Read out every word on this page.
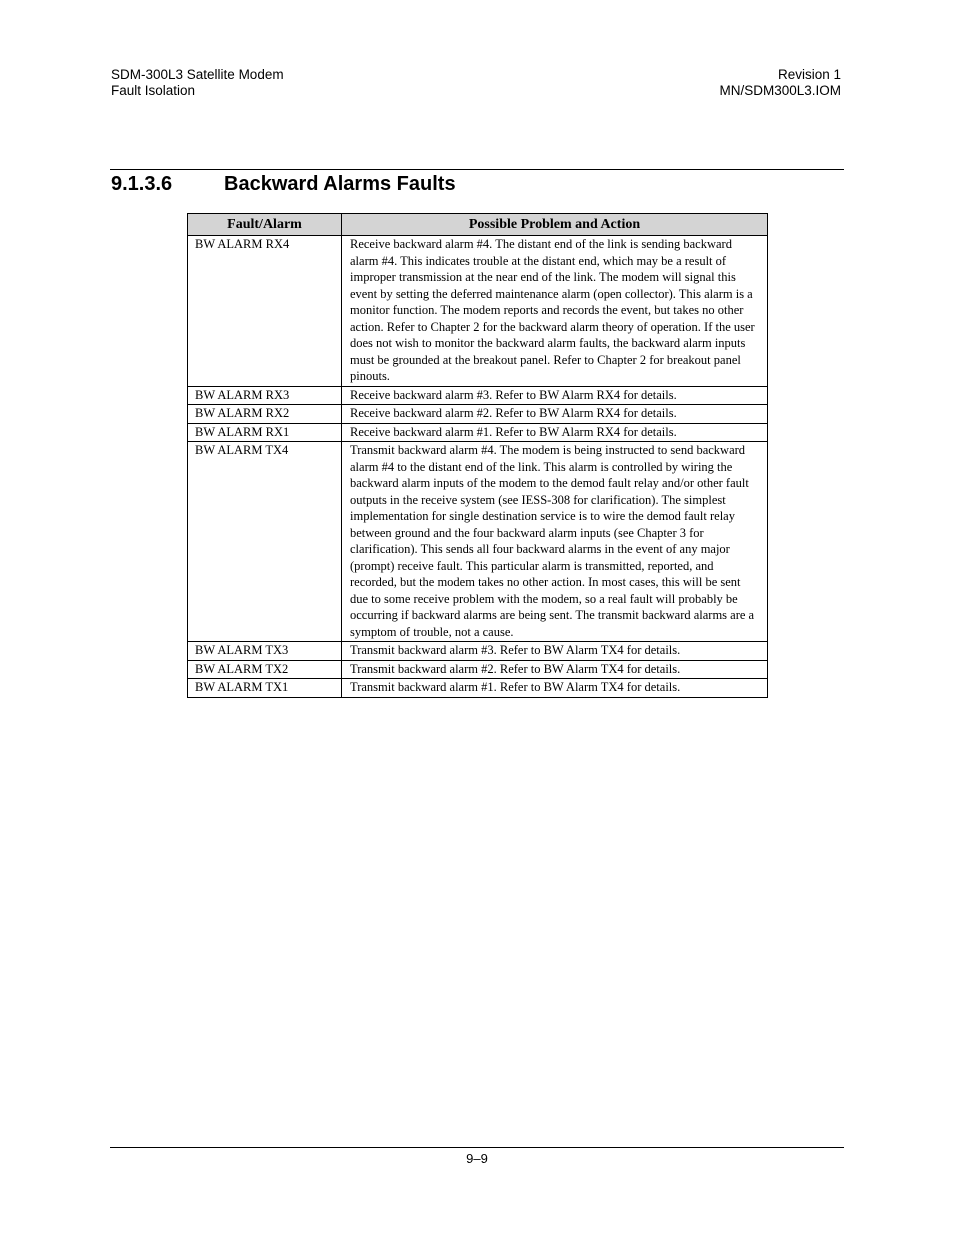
SDM-300L3 Satellite Modem
Fault Isolation
Revision 1
MN/SDM300L3.IOM
9.1.3.6	Backward Alarms Faults
Fault/Alarm	Possible Problem and Action
BW ALARM RX4	Receive backward alarm #4. The distant end of the link is sending backward alarm #4. This indicates trouble at the distant end, which may be a result of improper transmission at the near end of the link. The modem will signal this event by setting the deferred maintenance alarm (open collector). This alarm is a monitor function. The modem reports and records the event, but takes no other action. Refer to Chapter 2 for the backward alarm theory of operation. If the user does not wish to monitor the backward alarm faults, the backward alarm inputs must be grounded at the breakout panel. Refer to Chapter 2 for breakout panel pinouts.
BW ALARM RX3	Receive backward alarm #3. Refer to BW Alarm RX4 for details.
BW ALARM RX2	Receive backward alarm #2. Refer to BW Alarm RX4 for details.
BW ALARM RX1	Receive backward alarm #1. Refer to BW Alarm RX4 for details.
BW ALARM TX4	Transmit backward alarm #4. The modem is being instructed to send backward alarm #4 to the distant end of the link. This alarm is controlled by wiring the backward alarm inputs of the modem to the demod fault relay and/or other fault outputs in the receive system (see IESS-308 for clarification). The simplest implementation for single destination service is to wire the demod fault relay between ground and the four backward alarm inputs (see Chapter 3 for clarification). This sends all four backward alarms in the event of any major (prompt) receive fault. This particular alarm is transmitted, reported, and recorded, but the modem takes no other action. In most cases, this will be sent due to some receive problem with the modem, so a real fault will probably be occurring if backward alarms are being sent. The transmit backward alarms are a symptom of trouble, not a cause.
BW ALARM TX3	Transmit backward alarm #3. Refer to BW Alarm TX4 for details.
BW ALARM TX2	Transmit backward alarm #2. Refer to BW Alarm TX4 for details.
BW ALARM TX1	Transmit backward alarm #1. Refer to BW Alarm TX4 for details.
9–9
